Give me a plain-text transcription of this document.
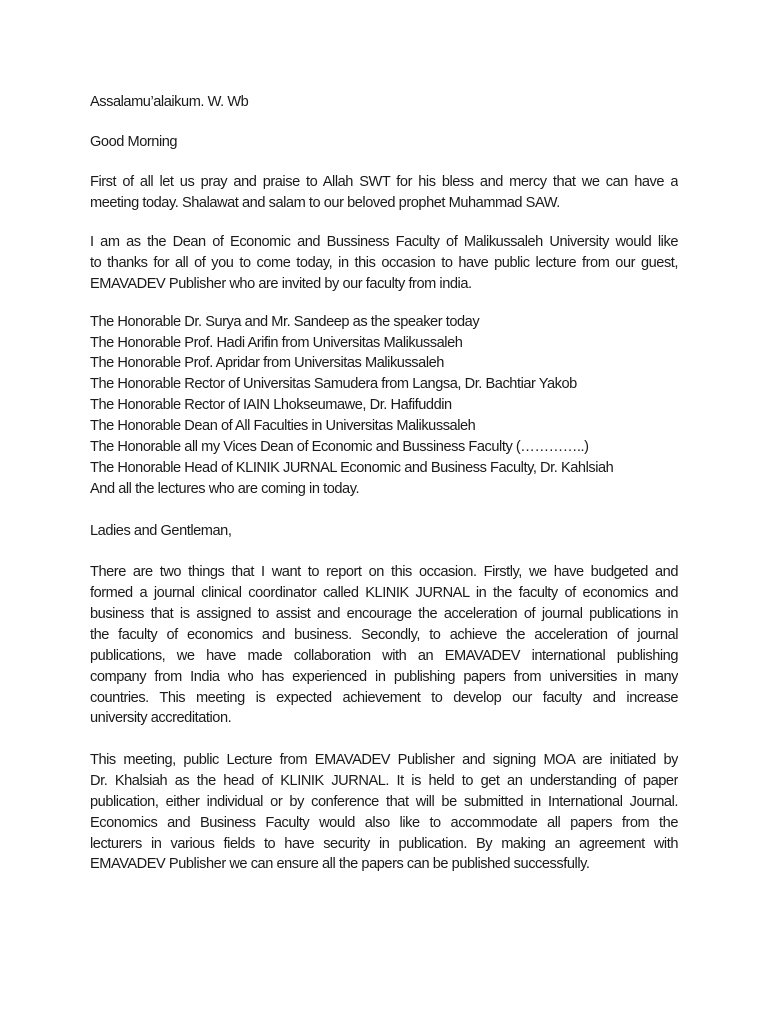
Assalamu’alaikum. W. Wb
Good Morning
First of all let us pray and praise to Allah SWT for his bless and mercy that we can have a
meeting today. Shalawat and salam to our beloved prophet Muhammad SAW.
I am as the Dean of Economic and Bussiness Faculty of Malikussaleh University would like
to thanks for all of you to come today, in this occasion to have public lecture from our guest,
EMAVADEV Publisher who are invited by our faculty from india.
The Honorable Dr. Surya and Mr. Sandeep as the speaker today
The Honorable Prof. Hadi Arifin from Universitas Malikussaleh
The Honorable Prof. Apridar from Universitas Malikussaleh
The Honorable Rector of Universitas Samudera from Langsa, Dr. Bachtiar Yakob
The Honorable Rector of IAIN Lhokseumawe, Dr. Hafifuddin
The Honorable Dean of All Faculties in Universitas Malikussaleh
The Honorable all my Vices Dean of Economic and Bussiness Faculty (…………..)
The Honorable Head of KLINIK JURNAL Economic and Business Faculty, Dr. Kahlsiah
And all the lectures who are coming in today.
Ladies and Gentleman,
There are two things that I want to report on this occasion. Firstly, we have budgeted and
formed a journal clinical coordinator called KLINIK JURNAL in the faculty of economics and
business that is assigned to assist and encourage the acceleration of journal publications in
the faculty of economics and business. Secondly, to achieve the acceleration of journal
publications, we have made collaboration with an EMAVADEV international publishing
company from India who has experienced in publishing papers from universities in many
countries. This meeting is expected achievement to develop our faculty and increase
university accreditation.
This meeting, public Lecture from EMAVADEV Publisher and signing MOA are initiated by
Dr. Khalsiah as the head of KLINIK JURNAL. It is held to get an understanding of paper
publication, either individual or by conference that will be submitted in International Journal.
Economics and Business Faculty would also like to accommodate all papers from the
lecturers in various fields to have security in publication. By making an agreement with
EMAVADEV Publisher we can ensure all the papers can be published successfully.
